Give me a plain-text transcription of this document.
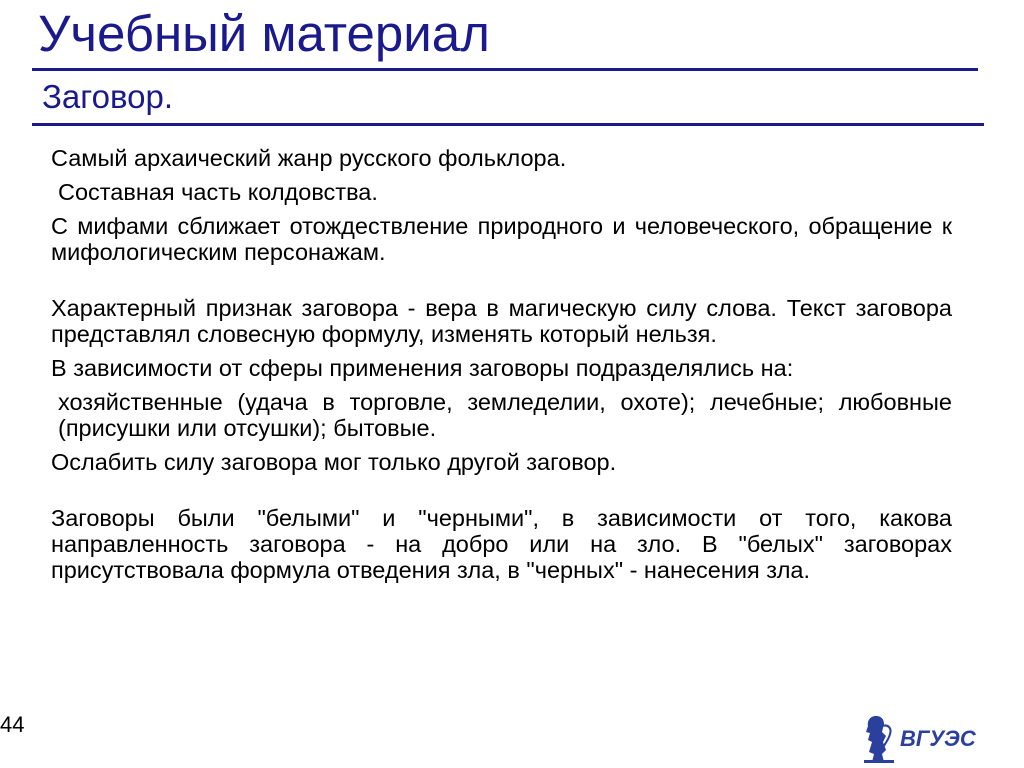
Учебный материал
Заговор.

Самый архаический жанр русского фольклора.

Составная часть колдовства.

С мифами сближает отождествление природного и человеческого, обращение к мифологическим персонажам.

Характерный признак заговора - вера в магическую силу слова. Текст заговора представлял словесную формулу, изменять который нельзя.

В зависимости от сферы применения заговоры подразделялись на:

хозяйственные (удача в торговле, земледелии, охоте); лечебные; любовные (присушки или отсушки); бытовые.

Ослабить силу заговора мог только другой заговор.

Заговоры были "белыми" и "черными", в зависимости от того, какова направленность заговора - на добро или на зло. В "белых" заговорах присутствовала формула отведения зла, в "черных" - нанесения зла.

44
ВГУЭС
